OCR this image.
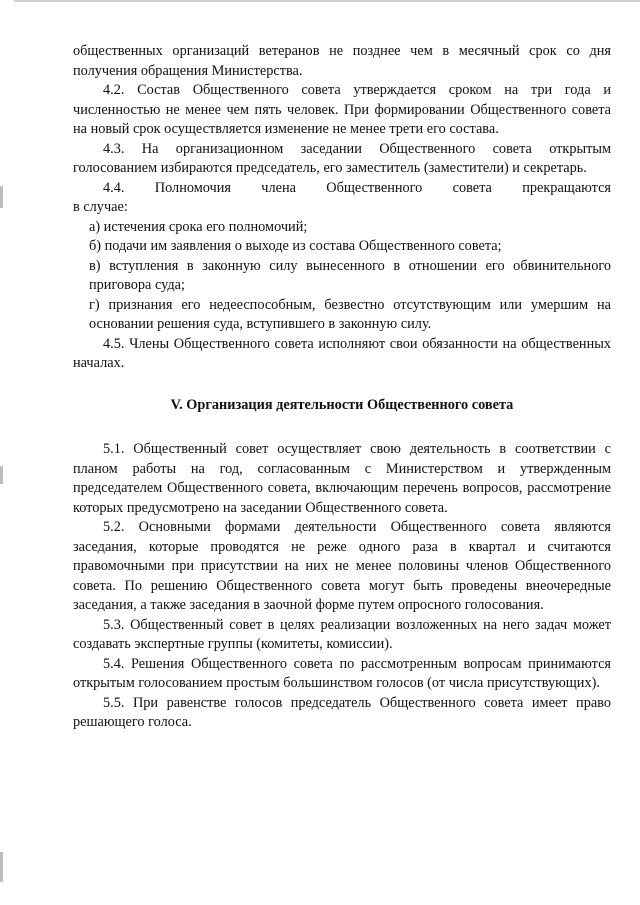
общественных организаций ветеранов не позднее чем в месячный срок со дня получения обращения Министерства.

4.2. Состав Общественного совета утверждается сроком на три года и численностью не менее чем пять человек. При формировании Общественного совета на новый срок осуществляется изменение не менее трети его состава.

4.3. На организационном заседании Общественного совета открытым голосованием избираются председатель, его заместитель (заместители) и секретарь.

4.4. Полномочия члена Общественного совета прекращаются

в случае:

а) истечения срока его полномочий;

б) подачи им заявления о выходе из состава Общественного совета;

в) вступления в законную силу вынесенного в отношении его обвинительного приговора суда;

г) признания его недееспособным, безвестно отсутствующим или умершим на основании решения суда, вступившего в законную силу.

4.5. Члены Общественного совета исполняют свои обязанности на общественных началах.

V. Организация деятельности Общественного совета

5.1. Общественный совет осуществляет свою деятельность в соответствии с планом работы на год, согласованным с Министерством и утвержденным председателем Общественного совета, включающим перечень вопросов, рассмотрение которых предусмотрено на заседании Общественного совета.

5.2. Основными формами деятельности Общественного совета являются заседания, которые проводятся не реже одного раза в квартал и считаются правомочными при присутствии на них не менее половины членов Общественного совета. По решению Общественного совета могут быть проведены внеочередные заседания, а также заседания в заочной форме путем опросного голосования.

5.3. Общественный совет в целях реализации возложенных на него задач может создавать экспертные группы (комитеты, комиссии).

5.4. Решения Общественного совета по рассмотренным вопросам принимаются открытым голосованием простым большинством голосов (от числа присутствующих).

5.5. При равенстве голосов председатель Общественного совета имеет право решающего голоса.
